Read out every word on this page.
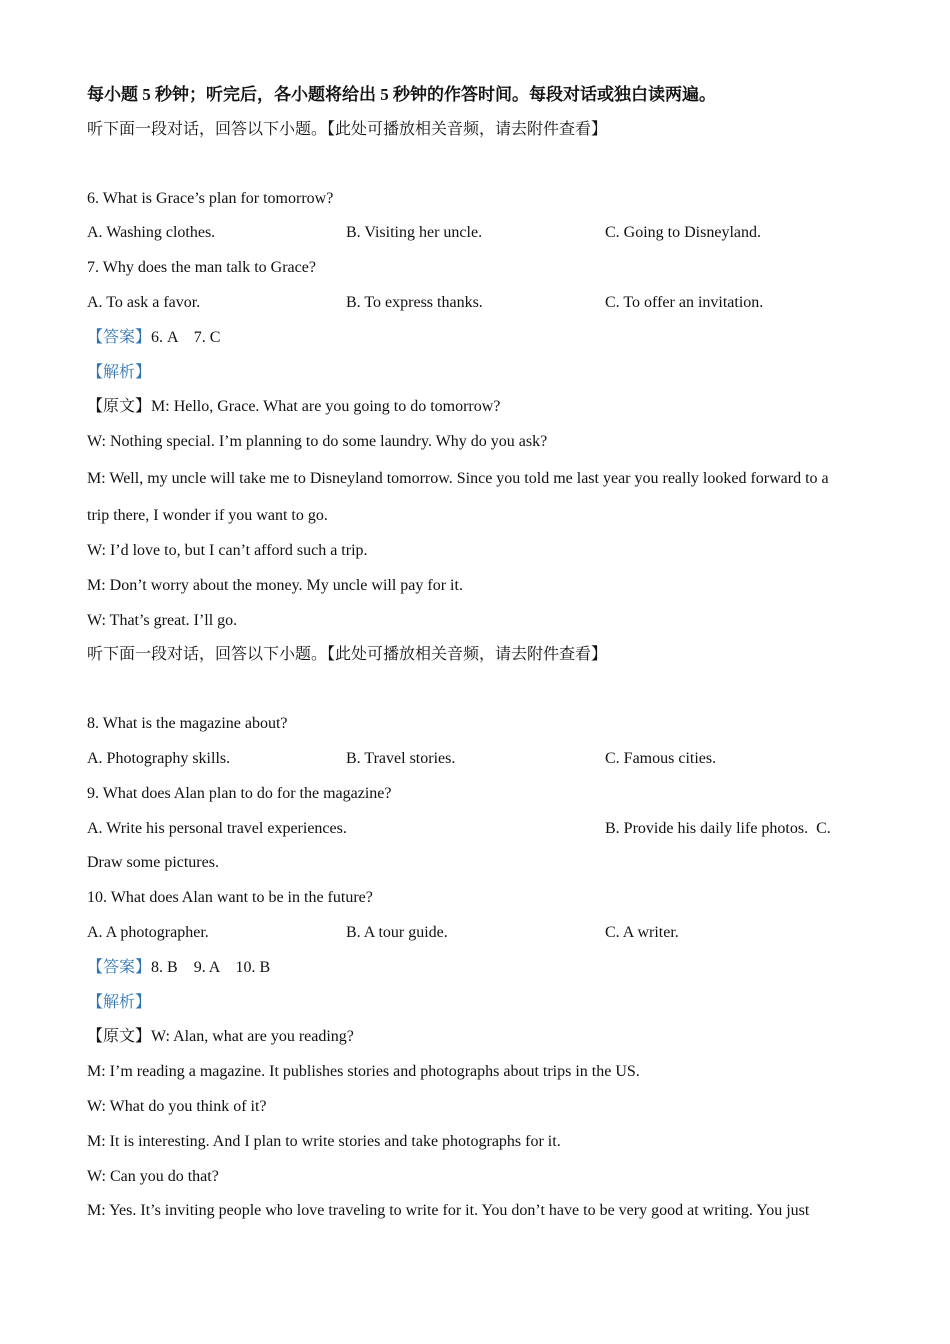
每小题 5 秒钟；听完后，各小题将给出 5 秒钟的作答时间。每段对话或独白读两遍。
听下面一段对话，回答以下小题。【此处可播放相关音频，请去附件查看】
6. What is Grace’s plan for tomorrow?
A. Washing clothes.	B. Visiting her uncle.	C. Going to Disneyland.
7. Why does the man talk to Grace?
A. To ask a favor.	B. To express thanks.	C. To offer an invitation.
【答案】6. A　7. C
【解析】
【原文】M: Hello, Grace. What are you going to do tomorrow?
W: Nothing special. I’m planning to do some laundry. Why do you ask?
M: Well, my uncle will take me to Disneyland tomorrow. Since you told me last year you really looked forward to a
trip there, I wonder if you want to go.
W: I’d love to, but I can’t afford such a trip.
M: Don’t worry about the money. My uncle will pay for it.
W: That’s great. I’ll go.
听下面一段对话，回答以下小题。【此处可播放相关音频，请去附件查看】
8. What is the magazine about?
A. Photography skills.	B. Travel stories.	C. Famous cities.
9. What does Alan plan to do for the magazine?
A. Write his personal travel experiences.	B. Provide his daily life photos. C.
Draw some pictures.
10. What does Alan want to be in the future?
A. A photographer.	B. A tour guide.	C. A writer.
【答案】8. B　9. A　10. B
【解析】
【原文】W: Alan, what are you reading?
M: I’m reading a magazine. It publishes stories and photographs about trips in the US.
W: What do you think of it?
M: It is interesting. And I plan to write stories and take photographs for it.
W: Can you do that?
M: Yes. It’s inviting people who love traveling to write for it. You don’t have to be very good at writing. You just
